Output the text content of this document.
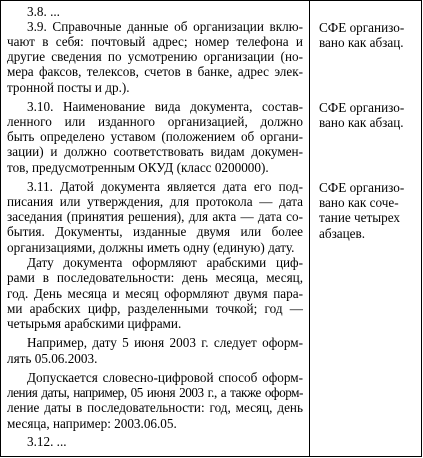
3.8. ...
3.9. Справочные данные об организации вклю-
чают в себя: почтовый адрес; номер телефона и
другие сведения по усмотрению организации (но-
мера факсов, телексов, счетов в банке, адрес элек-
тронной посты и др.).
3.10. Наименование вида документа, состав-
ленного или изданного организацией, должно
быть определено уставом (положением об органи-
зации) и должно соответствовать видам докумен-
тов, предусмотренным ОКУД (класс 0200000).
3.11. Датой документа является дата его под-
писания или утверждения, для протокола — дата
заседания (принятия решения), для акта — дата со-
бытия. Документы, изданные двумя или более
организациями, должны иметь одну (единую) дату.
Дату документа оформляют арабскими циф-
рами в последовательности: день месяца, месяц,
год. День месяца и месяц оформляют двумя пара-
ми арабских цифр, разделенными точкой; год —
четырьмя арабскими цифрами.
Например, дату 5 июня 2003 г. следует оформ-
лять 05.06.2003.
Допускается словесно-цифровой способ оформ-
ления даты, например, 05 июня 2003 г., а также оформ-
ление даты в последовательности: год, месяц, день
месяца, например: 2003.06.05.
3.12. ...
СФЕ организо-
вано как абзац.
СФЕ организо-
вано как абзац.
СФЕ организо-
вано как соче-
тание четырех
абзацев.
